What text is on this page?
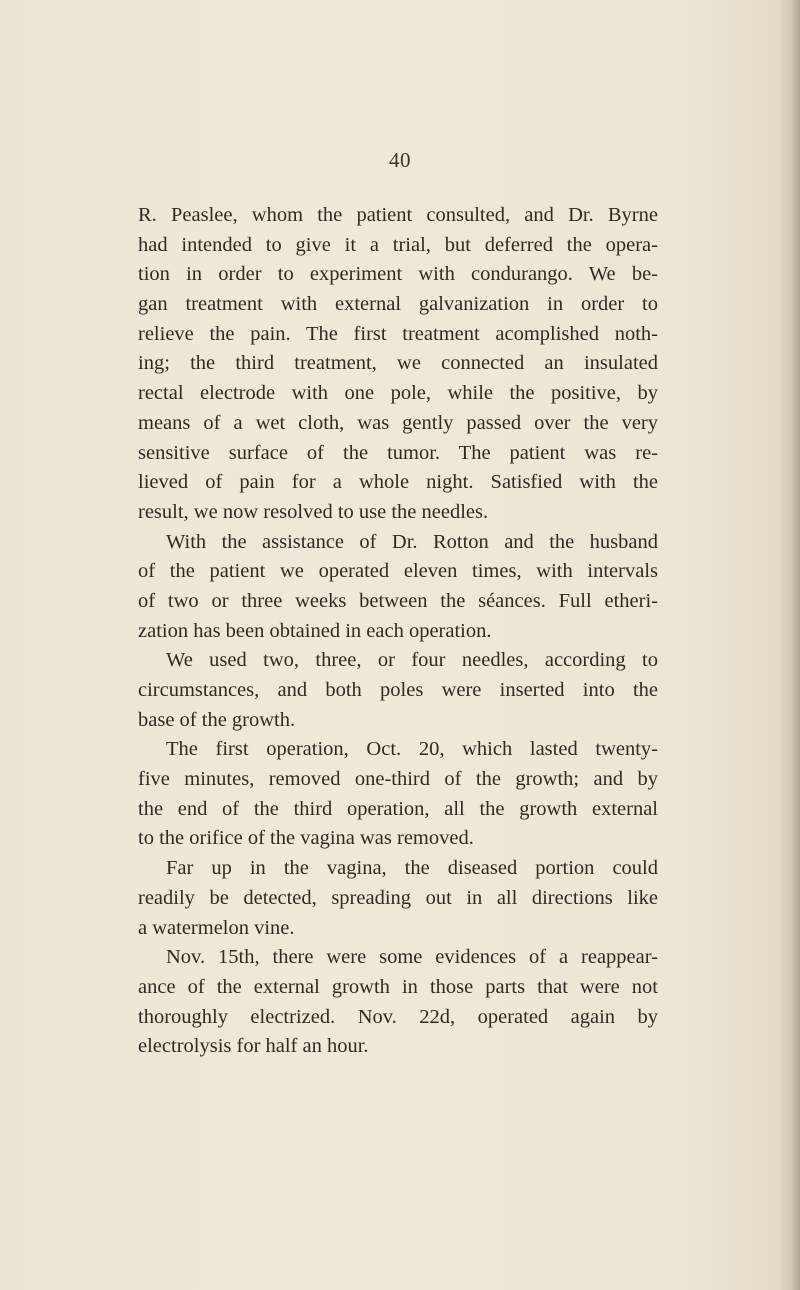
40
R. Peaslee, whom the patient consulted, and Dr. Byrne
had intended to give it a trial, but deferred the opera-
tion in order to experiment with condurango. We be-
gan treatment with external galvanization in order to
relieve the pain. The first treatment acomplished noth-
ing; the third treatment, we connected an insulated
rectal electrode with one pole, while the positive, by
means of a wet cloth, was gently passed over the very
sensitive surface of the tumor. The patient was re-
lieved of pain for a whole night. Satisfied with the
result, we now resolved to use the needles.
With the assistance of Dr. Rotton and the husband
of the patient we operated eleven times, with intervals
of two or three weeks between the séances. Full etheri-
zation has been obtained in each operation.
We used two, three, or four needles, according to
circumstances, and both poles were inserted into the
base of the growth.
The first operation, Oct. 20, which lasted twenty-
five minutes, removed one-third of the growth; and by
the end of the third operation, all the growth external
to the orifice of the vagina was removed.
Far up in the vagina, the diseased portion could
readily be detected, spreading out in all directions like
a watermelon vine.
Nov. 15th, there were some evidences of a reappear-
ance of the external growth in those parts that were not
thoroughly electrized. Nov. 22d, operated again by
electrolysis for half an hour.
